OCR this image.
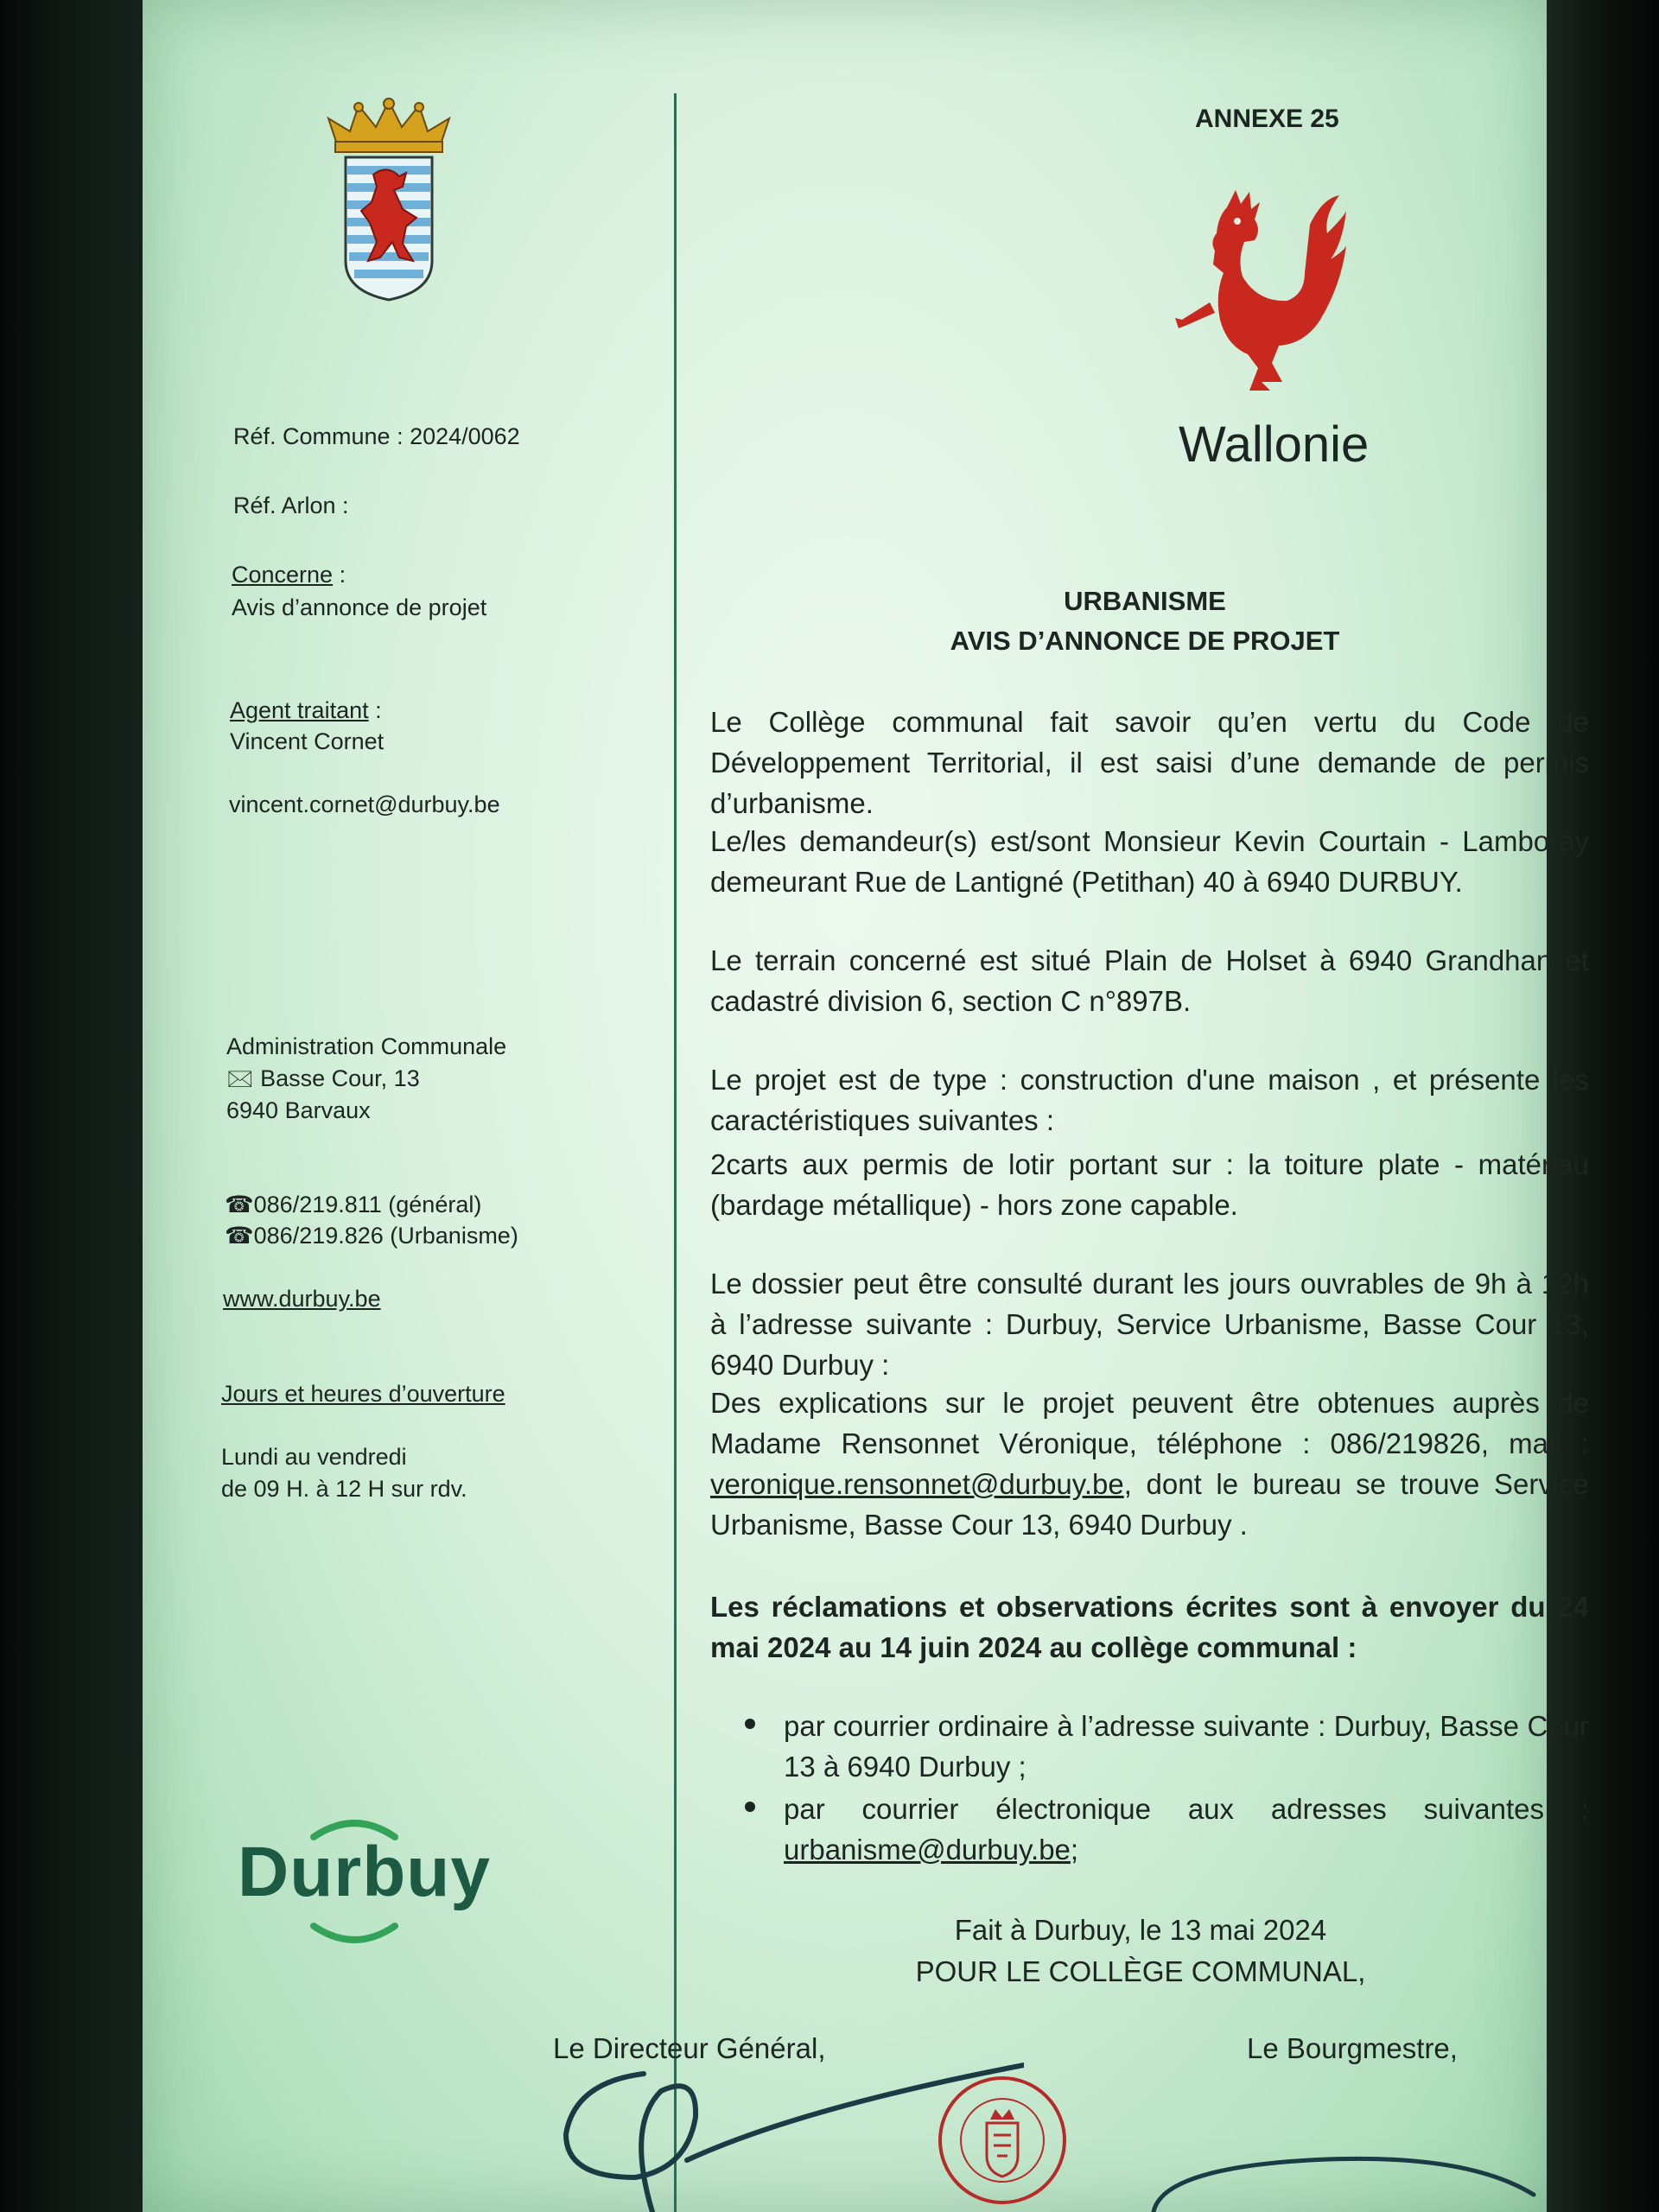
Réf. Commune : 2024/0062
Réf. Arlon :
Concerne :
Avis d’annonce de projet
Agent traitant :
Vincent Cornet
vincent.cornet@durbuy.be
Administration Communale
🖂 Basse Cour, 13
6940 Barvaux
☎086/219.811 (général)
☎086/219.826 (Urbanisme)
www.durbuy.be
Jours et heures d’ouverture
Lundi au vendredi
de 09 H. à 12 H sur rdv.
Durbuy
ANNEXE 25
Wallonie
URBANISME
AVIS D’ANNONCE DE PROJET
Le Collège communal fait savoir qu’en vertu du Code de Développement Territorial, il est saisi d’une demande de permis d’urbanisme.
Le/les demandeur(s) est/sont Monsieur Kevin Courtain - Lamboray demeurant Rue de Lantigné (Petithan) 40 à 6940 DURBUY.
Le terrain concerné est situé Plain de Holset à 6940 Grandhan et cadastré division 6, section C n°897B.
Le projet est de type : construction d'une maison , et présente les caractéristiques suivantes :
2carts aux permis de lotir portant sur : la toiture plate - matériau (bardage métallique) - hors zone capable.
Le dossier peut être consulté durant les jours ouvrables de 9h à 12h à l’adresse suivante : Durbuy, Service Urbanisme, Basse Cour 13, 6940 Durbuy :
Des explications sur le projet peuvent être obtenues auprès de Madame Rensonnet Véronique, téléphone : 086/219826, mail : veronique.rensonnet@durbuy.be, dont le bureau se trouve Service Urbanisme, Basse Cour 13, 6940 Durbuy .
Les réclamations et observations écrites sont à envoyer du 24 mai 2024 au 14 juin 2024 au collège communal :
par courrier ordinaire à l’adresse suivante : Durbuy, Basse Cour 13 à 6940 Durbuy ;
par courrier électronique aux adresses suivantes :
urbanisme@durbuy.be;
Fait à Durbuy, le 13 mai 2024
POUR LE COLLÈGE COMMUNAL,
Le Directeur Général,	Le Bourgmestre,
